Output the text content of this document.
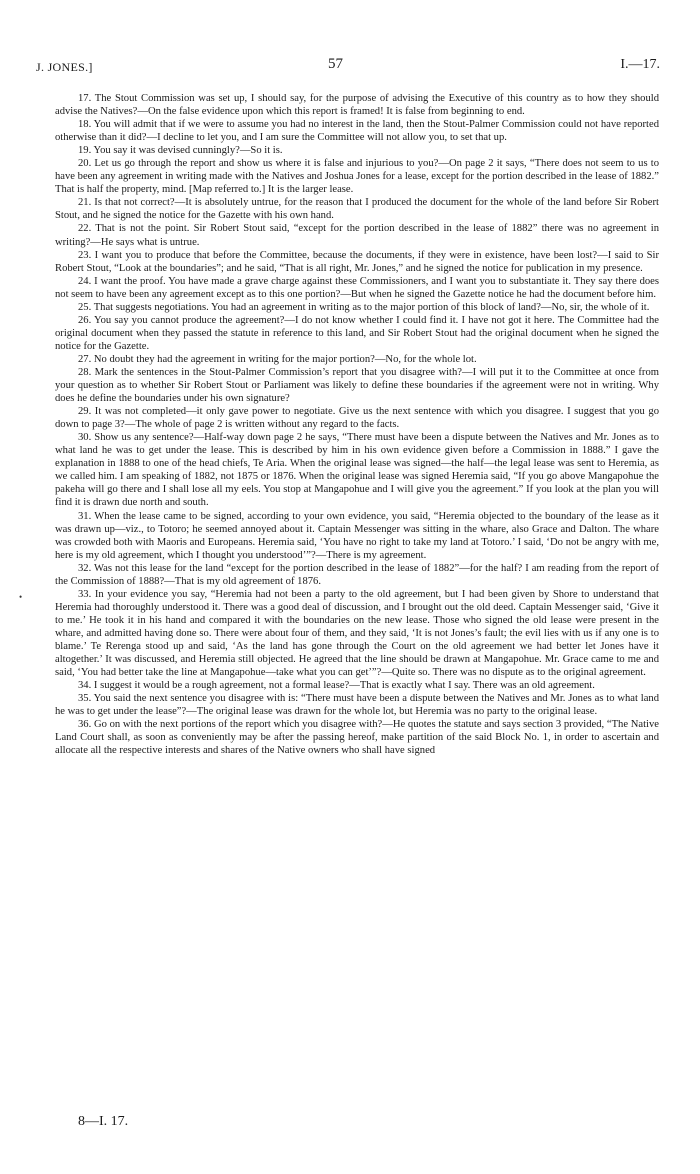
J. JONES.]	57	I.—17.
•

17. The Stout Commission was set up, I should say, for the purpose of advising the Executive of this country as to how they should advise the Natives?—On the false evidence upon which this report is framed! It is false from beginning to end.

18. You will admit that if we were to assume you had no interest in the land, then the Stout-Palmer Commission could not have reported otherwise than it did?—I decline to let you, and I am sure the Committee will not allow you, to set that up.

19. You say it was devised cunningly?—So it is.

20. Let us go through the report and show us where it is false and injurious to you?—On page 2 it says, “There does not seem to us to have been any agreement in writing made with the Natives and Joshua Jones for a lease, except for the portion described in the lease of 1882.” That is half the property, mind. [Map referred to.] It is the larger lease.

21. Is that not correct?—It is absolutely untrue, for the reason that I produced the document for the whole of the land before Sir Robert Stout, and he signed the notice for the Gazette with his own hand.

22. That is not the point. Sir Robert Stout said, “except for the portion described in the lease of 1882” there was no agreement in writing?—He says what is untrue.

23. I want you to produce that before the Committee, because the documents, if they were in existence, have been lost?—I said to Sir Robert Stout, “Look at the boundaries”; and he said, “That is all right, Mr. Jones,” and he signed the notice for publication in my presence.

24. I want the proof. You have made a grave charge against these Commissioners, and I want you to substantiate it. They say there does not seem to have been any agreement except as to this one portion?—But when he signed the Gazette notice he had the document before him.

25. That suggests negotiations. You had an agreement in writing as to the major portion of this block of land?—No, sir, the whole of it.

26. You say you cannot produce the agreement?—I do not know whether I could find it. I have not got it here. The Committee had the original document when they passed the statute in reference to this land, and Sir Robert Stout had the original document when he signed the notice for the Gazette.

27. No doubt they had the agreement in writing for the major portion?—No, for the whole lot.

28. Mark the sentences in the Stout-Palmer Commission’s report that you disagree with?—I will put it to the Committee at once from your question as to whether Sir Robert Stout or Parliament was likely to define these boundaries if the agreement were not in writing. Why does he define the boundaries under his own signature?

29. It was not completed—it only gave power to negotiate. Give us the next sentence with which you disagree. I suggest that you go down to page 3?—The whole of page 2 is written without any regard to the facts.

30. Show us any sentence?—Half-way down page 2 he says, “There must have been a dispute between the Natives and Mr. Jones as to what land he was to get under the lease. This is described by him in his own evidence given before a Commission in 1888.” I gave the explanation in 1888 to one of the head chiefs, Te Aria. When the original lease was signed—the half—the legal lease was sent to Heremia, as we called him. I am speaking of 1882, not 1875 or 1876. When the original lease was signed Heremia said, “If you go above Mangapohue the pakeha will go there and I shall lose all my eels. You stop at Mangapohue and I will give you the agreement.” If you look at the plan you will find it is drawn due north and south.

31. When the lease came to be signed, according to your own evidence, you said, “Heremia objected to the boundary of the lease as it was drawn up—viz., to Totoro; he seemed annoyed about it. Captain Messenger was sitting in the whare, also Grace and Dalton. The whare was crowded both with Maoris and Europeans. Heremia said, ‘You have no right to take my land at Totoro.’ I said, ‘Do not be angry with me, here is my old agreement, which I thought you understood’”?—There is my agreement.

32. Was not this lease for the land “except for the portion described in the lease of 1882”—for the half? I am reading from the report of the Commission of 1888?—That is my old agreement of 1876.

33. In your evidence you say, “Heremia had not been a party to the old agreement, but I had been given by Shore to understand that Heremia had thoroughly understood it. There was a good deal of discussion, and I brought out the old deed. Captain Messenger said, ‘Give it to me.’ He took it in his hand and compared it with the boundaries on the new lease. Those who signed the old lease were present in the whare, and admitted having done so. There were about four of them, and they said, ‘It is not Jones’s fault; the evil lies with us if any one is to blame.’ Te Rerenga stood up and said, ‘As the land has gone through the Court on the old agreement we had better let Jones have it altogether.’ It was discussed, and Heremia still objected. He agreed that the line should be drawn at Mangapohue. Mr. Grace came to me and said, ‘You had better take the line at Mangapohue—take what you can get’”?—Quite so. There was no dispute as to the original agreement.

34. I suggest it would be a rough agreement, not a formal lease?—That is exactly what I say. There was an old agreement.

35. You said the next sentence you disagree with is: “There must have been a dispute between the Natives and Mr. Jones as to what land he was to get under the lease”?—The original lease was drawn for the whole lot, but Heremia was no party to the original lease.

36. Go on with the next portions of the report which you disagree with?—He quotes the statute and says section 3 provided, “The Native Land Court shall, as soon as conveniently may be after the passing hereof, make partition of the said Block No. 1, in order to ascertain and allocate all the respective interests and shares of the Native owners who shall have signed

8—I. 17.
